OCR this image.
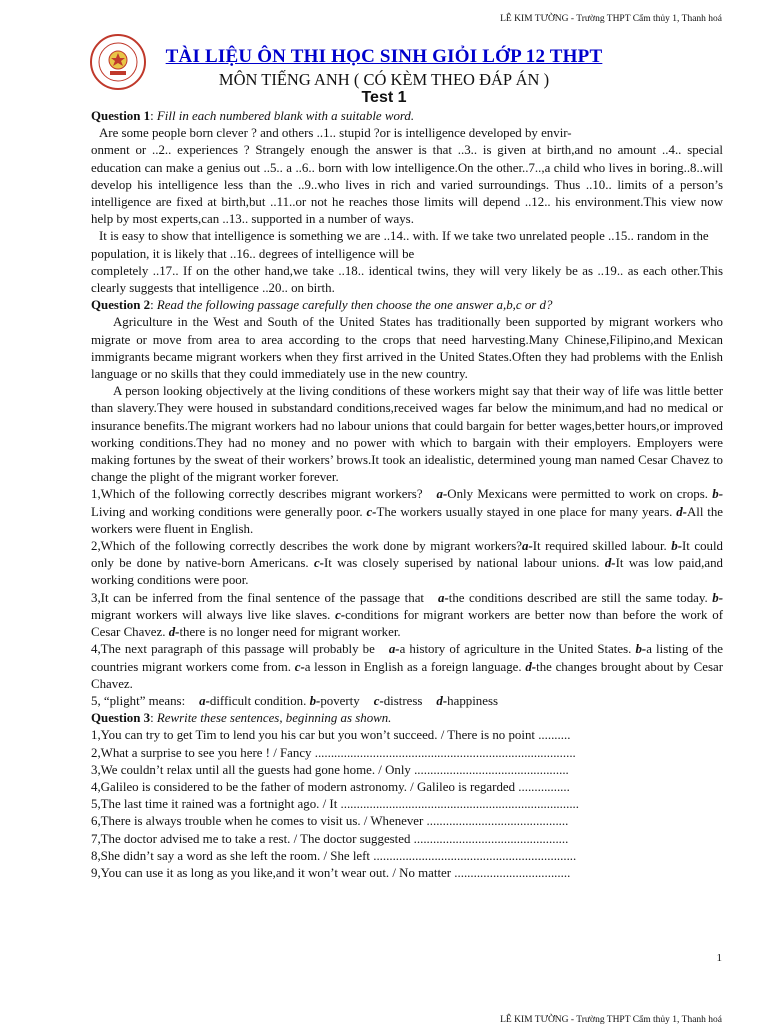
LÊ KIM TƯỜNG - Trường THPT Cẩm thủy 1, Thanh hoá
TÀI LIỆU ÔN THI HỌC SINH GIỎI LỚP 12 THPT
MÔN TIẾNG ANH ( CÓ KÈM THEO ĐÁP ÁN )
Test 1

Question 1: Fill in each numbered blank with a suitable word.

Are some people born clever ? and others ..1.. stupid ?or is intelligence developed by envir-

onment or ..2.. experiences ? Strangely enough the answer is that ..3.. is given at birth,and no amount ..4.. special education can make a genius out ..5.. a ..6.. born with low intelligence.On the other..7..,a child who lives in boring..8..will develop his intelligence less than the ..9..who lives in rich and varied surroundings. Thus ..10.. limits of a person’s intelligence are fixed at birth,but ..11..or not he reaches those limits will depend ..12.. his environment.This view now help by most experts,can ..13.. supported in a number of ways.

It is easy to show that intelligence is something we are ..14.. with. If we take two unrelated people ..15.. random in the population, it is likely that ..16.. degrees of intelligence will be

completely ..17.. If on the other hand,we take ..18.. identical twins, they will very likely be as ..19.. as each other.This clearly suggests that intelligence ..20.. on birth.

Question 2: Read the following passage carefully then choose the one answer a,b,c or d?

Agriculture in the West and South of the United States has traditionally been supported by migrant workers who migrate or move from area to area according to the crops that need harvesting.Many Chinese,Filipino,and Mexican immigrants became migrant workers when they first arrived in the United States.Often they had problems with the Enlish language or no skills that they could immediately use in the new country.

A person looking objectively at the living conditions of these workers might say that their way of life was little better than slavery.They were housed in substandard conditions,received wages far below the minimum,and had no medical or insurance benefits.The migrant workers had no labour unions that could bargain for better wages,better hours,or improved working conditions.They had no money and no power with which to bargain with their employers. Employers were making fortunes by the sweat of their workers’ brows.It took an idealistic, determined young man named Cesar Chavez to change the plight of the migrant worker forever.

1,Which of the following correctly describes migrant workers? a-Only Mexicans were permitted to work on crops. b-Living and working conditions were generally poor. c-The workers usually stayed in one place for many years. d-All the workers were fluent in English.

2,Which of the following correctly describes the work done by migrant workers?a-It required skilled labour. b-It could only be done by native-born Americans. c-It was closely superised by national labour unions. d-It was low paid,and working conditions were poor.

3,It can be inferred from the final sentence of the passage that a-the conditions described are still the same today. b-migrant workers will always live like slaves. c-conditions for migrant workers are better now than before the work of Cesar Chavez. d-there is no longer need for migrant worker.

4,The next paragraph of this passage will probably be a-a history of agriculture in the United States. b-a listing of the countries migrant workers come from. c-a lesson in English as a foreign language. d-the changes brought about by Cesar Chavez.

5, “plight” means: a-difficult condition. b-poverty c-distress d-happiness

Question 3: Rewrite these sentences, beginning as shown.

1,You can try to get Tim to lend you his car but you won’t succeed. / There is no point ..........

2,What a surprise to see you here ! / Fancy .................................................................................

3,We couldn’t relax until all the guests had gone home. / Only ................................................

4,Galileo is considered to be the father of modern astronomy. / Galileo is regarded ................

5,The last time it rained was a fortnight ago. / It ..........................................................................

6,There is always trouble when he comes to visit us. / Whenever ............................................

7,The doctor advised me to take a rest. / The doctor suggested ................................................

8,She didn’t say a word as she left the room. / She left ...............................................................

9,You can use it as long as you like,and it won’t wear out. / No matter ....................................

1
LÊ KIM TƯỜNG - Trường THPT Cẩm thủy 1, Thanh hoá
